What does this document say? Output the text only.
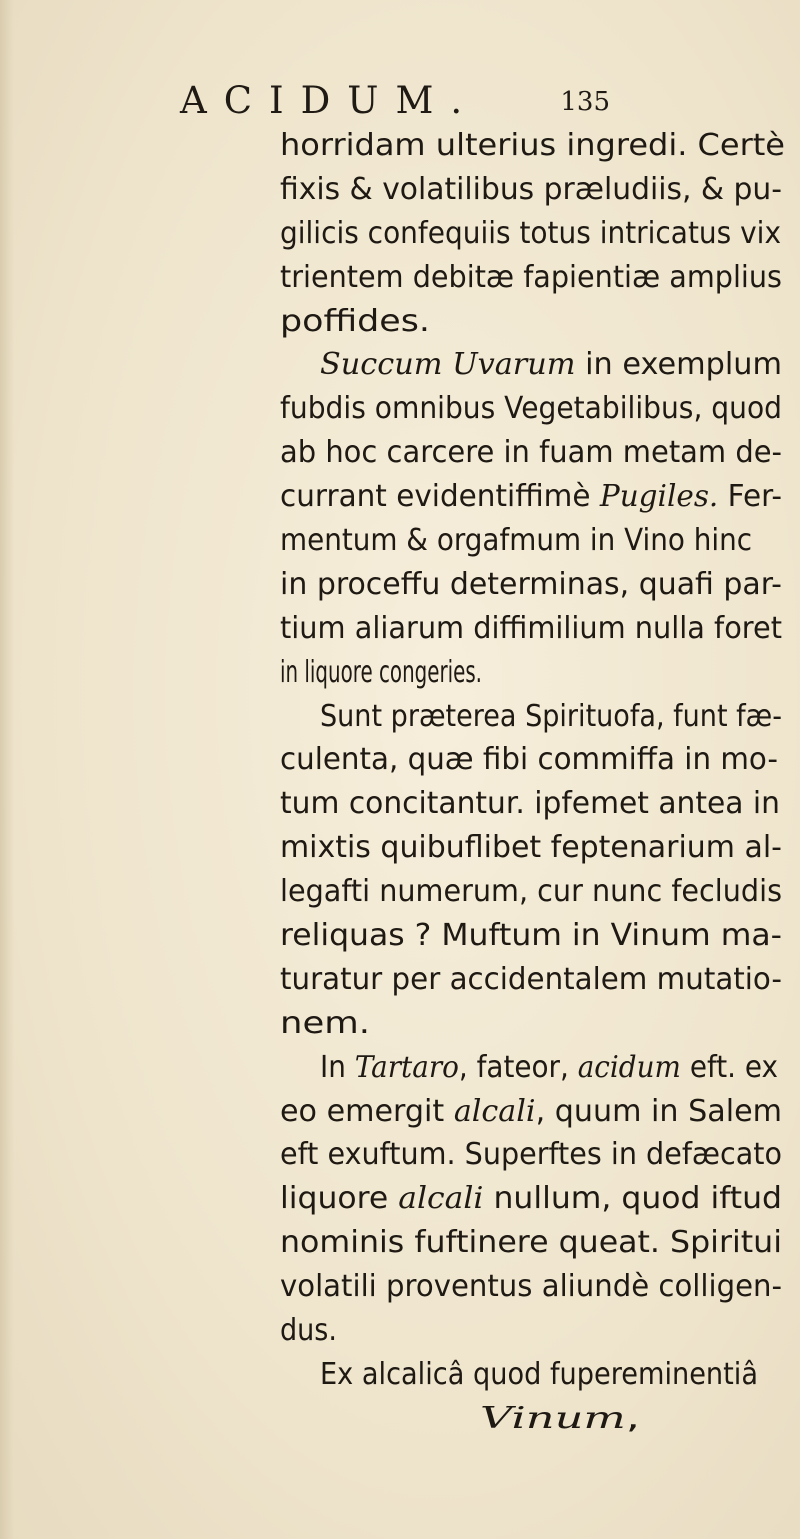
ACIDUM.	135
horridam ulterius ingredi. Certè
fixis & volatilibus præludiis, & pu-
gilicis confequiis totus intricatus vix
trientem debitæ fapientiæ amplius
poffides.
Succum Uvarum in exemplum
fubdis omnibus Vegetabilibus, quod
ab hoc carcere in fuam metam de-
currant evidentiffimè Pugiles. Fer-
mentum & orgafmum in Vino hinc
in proceffu determinas, quafi par-
tium aliarum diffimilium nulla foret
in liquore congeries.
Sunt præterea Spirituofa, funt fæ-
culenta, quæ fibi commiffa in mo-
tum concitantur. ipfemet antea in
mixtis quibuflibet feptenarium al-
legafti numerum, cur nunc fecludis
reliquas ? Muftum in Vinum ma-
turatur per accidentalem mutatio-
nem.
In Tartaro, fateor, acidum eft. ex
eo emergit alcali, quum in Salem
eft exuftum. Superftes in defæcato
liquore alcali nullum, quod iftud
nominis fuftinere queat. Spiritui
volatili proventus aliundè colligen-
dus.
Ex alcalicâ quod fupereminentiâ
Vinum,
